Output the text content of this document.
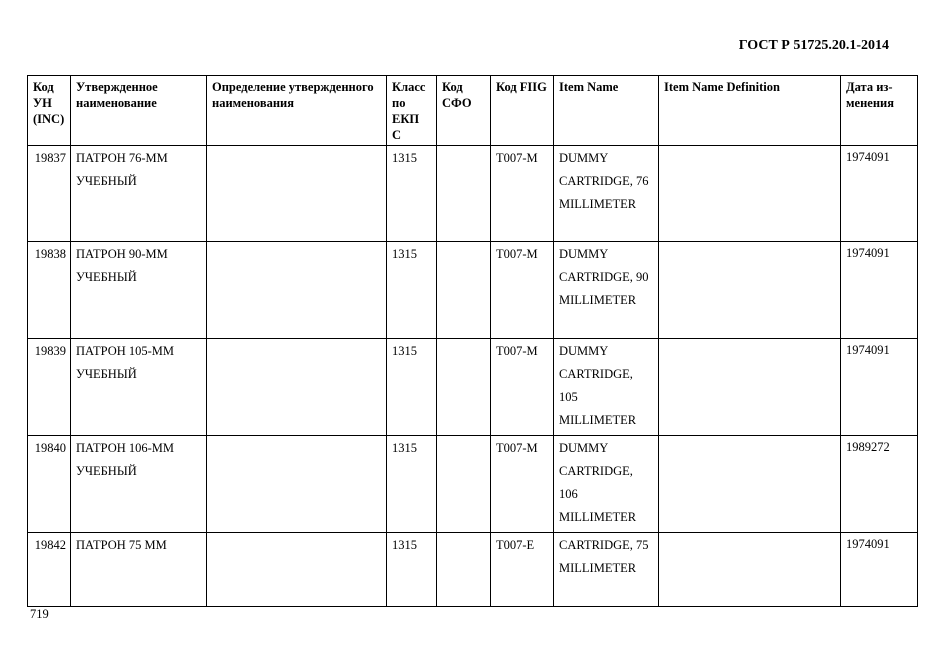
ГОСТ Р 51725.20.1-2014
Код УН (INC)	Утвержденное наименование	Определение утвержденного наименования	Класс по ЕКП С	Код СФО	Код FIIG	Item Name	Item Name Definition	Дата из-менения
19837	ПАТРОН 76-ММ УЧЕБНЫЙ		1315		T007-M	DUMMY CARTRIDGE, 76 MILLIMETER		1974091
19838	ПАТРОН 90-ММ УЧЕБНЫЙ		1315		T007-M	DUMMY CARTRIDGE, 90 MILLIMETER		1974091
19839	ПАТРОН 105-ММ УЧЕБНЫЙ		1315		T007-M	DUMMY CARTRIDGE, 105 MILLIMETER		1974091
19840	ПАТРОН 106-ММ УЧЕБНЫЙ		1315		T007-M	DUMMY CARTRIDGE, 106 MILLIMETER		1989272
19842	ПАТРОН 75 ММ		1315		T007-E	CARTRIDGE, 75 MILLIMETER		1974091
719
